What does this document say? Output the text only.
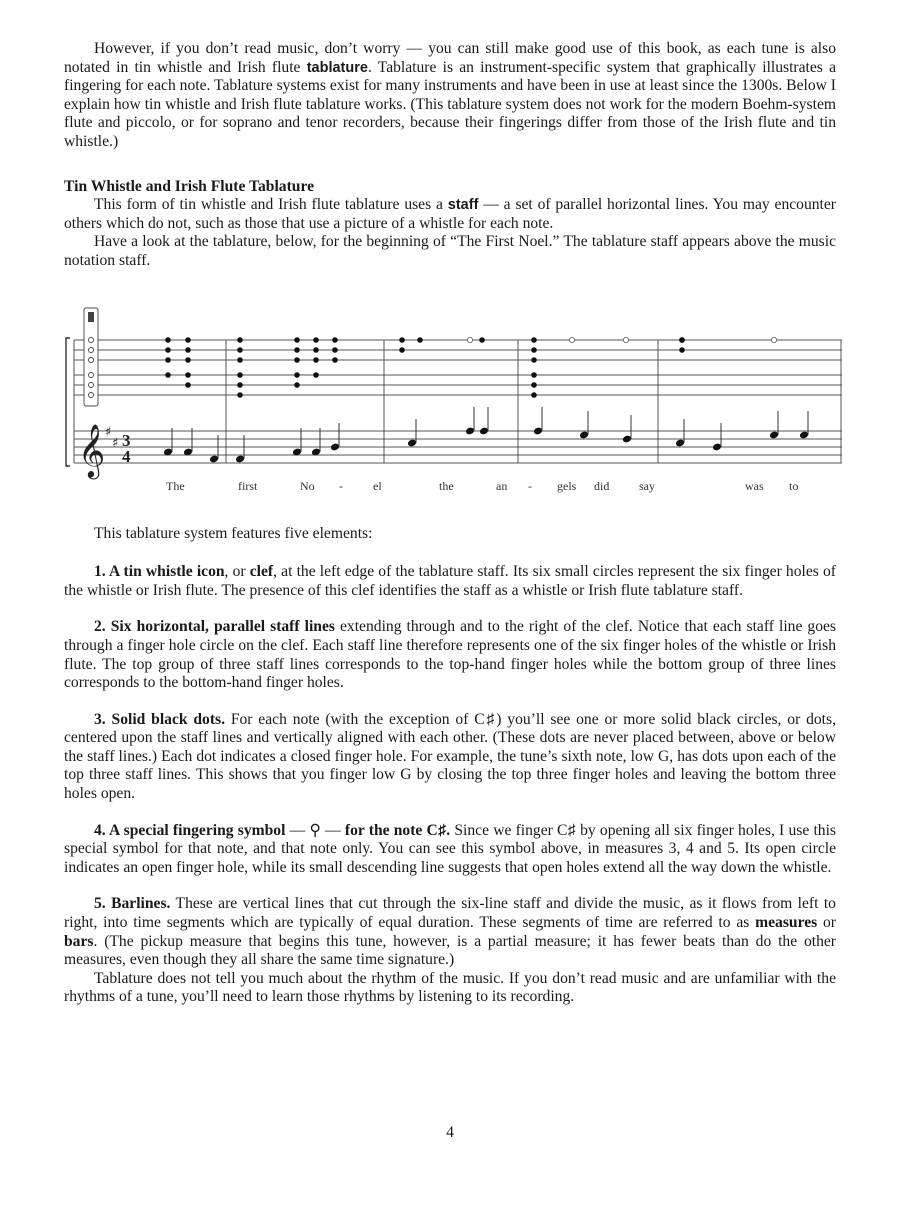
However, if you don’t read music, don’t worry — you can still make good use of this book, as each tune is also notated in tin whistle and Irish flute tablature. Tablature is an instrument-specific system that graphically illustrates a fingering for each note. Tablature systems exist for many instruments and have been in use at least since the 1300s. Below I explain how tin whistle and Irish flute tablature works. (This tablature system does not work for the modern Boehm-system flute and piccolo, or for soprano and tenor recorders, because their fingerings differ from those of the Irish flute and tin whistle.)

Tin Whistle and Irish Flute Tablature

This form of tin whistle and Irish flute tablature uses a staff — a set of parallel horizontal lines. You may encounter others which do not, such as those that use a picture of a whistle for each note.

Have a look at the tablature, below, for the beginning of “The First Noel.” The tablature staff appears above the music notation staff.

This tablature system features five elements:

1. A tin whistle icon, or clef, at the left edge of the tablature staff. Its six small circles represent the six finger holes of the whistle or Irish flute. The presence of this clef identifies the staff as a whistle or Irish flute tablature staff.

2. Six horizontal, parallel staff lines extending through and to the right of the clef. Notice that each staff line goes through a finger hole circle on the clef. Each staff line therefore represents one of the six finger holes of the whistle or Irish flute. The top group of three staff lines corresponds to the top-hand finger holes while the bottom group of three lines corresponds to the bottom-hand finger holes.

3. Solid black dots. For each note (with the exception of C♯) you’ll see one or more solid black circles, or dots, centered upon the staff lines and vertically aligned with each other. (These dots are never placed between, above or below the staff lines.) Each dot indicates a closed finger hole. For example, the tune’s sixth note, low G, has dots upon each of the top three staff lines. This shows that you finger low G by closing the top three finger holes and leaving the bottom three holes open.

4. A special fingering symbol — ⚲ — for the note C♯. Since we finger C♯ by opening all six finger holes, I use this special symbol for that note, and that note only. You can see this symbol above, in measures 3, 4 and 5. Its open circle indicates an open finger hole, while its small descending line suggests that open holes extend all the way down the whistle.

5. Barlines. These are vertical lines that cut through the six-line staff and divide the music, as it flows from left to right, into time segments which are typically of equal duration. These segments of time are referred to as measures or bars. (The pickup measure that begins this tune, however, is a partial measure; it has fewer beats than do the other measures, even though they all share the same time signature.)

Tablature does not tell you much about the rhythm of the music. If you don’t read music and are unfamiliar with the rhythms of a tune, you’ll need to learn those rhythms by listening to its recording.

𝄞 ♯
♯ 3
4
The	first	No -	el	the	an - gels did say	was to
4
